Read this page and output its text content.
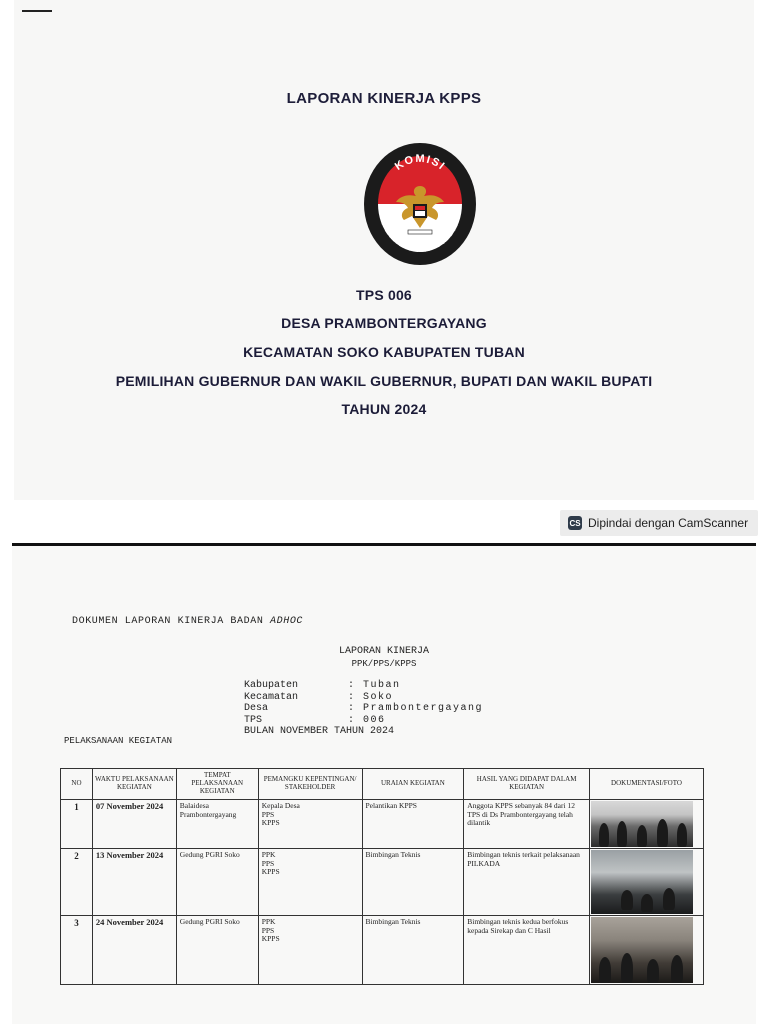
LAPORAN KINERJA KPPS
KOMISI
PEMILIHAN UMUM
TPS 006
DESA PRAMBONTERGAYANG
KECAMATAN SOKO KABUPATEN TUBAN
PEMILIHAN GUBERNUR DAN WAKIL GUBERNUR, BUPATI DAN WAKIL BUPATI
TAHUN 2024
CS Dipindai dengan CamScanner
DOKUMEN LAPORAN KINERJA BADAN ADHOC
LAPORAN KINERJA
PPK/PPS/KPPS
Kabupaten	: Tuban
Kecamatan	: Soko
Desa	: Prambontergayang
TPS	: 006
BULAN NOVEMBER TAHUN 2024
PELAKSANAAN KEGIATAN
NO	WAKTU PELAKSANAAN KEGIATAN	TEMPAT PELAKSANAAN KEGIATAN	PEMANGKU KEPENTINGAN/ STAKEHOLDER	URAIAN KEGIATAN	HASIL YANG DIDAPAT DALAM KEGIATAN	DOKUMENTASI/FOTO
1	07 November 2024	Balaidesa Prambontergayang	Kepala Desa
PPS
KPPS	Pelantikan KPPS	Anggota KPPS sebanyak 84 dari 12 TPS di Ds Prambontergayang telah dilantik	

2	13 November 2024	Gedung PGRI Soko	PPK
PPS
KPPS	Bimbingan Teknis	Bimbingan teknis terkait pelaksanaan PILKADA	

3	24 November 2024	Gedung PGRI Soko	PPK
PPS
KPPS	Bimbingan Teknis	Bimbingan teknis kedua berfokus kepada Sirekap dan C Hasil	
